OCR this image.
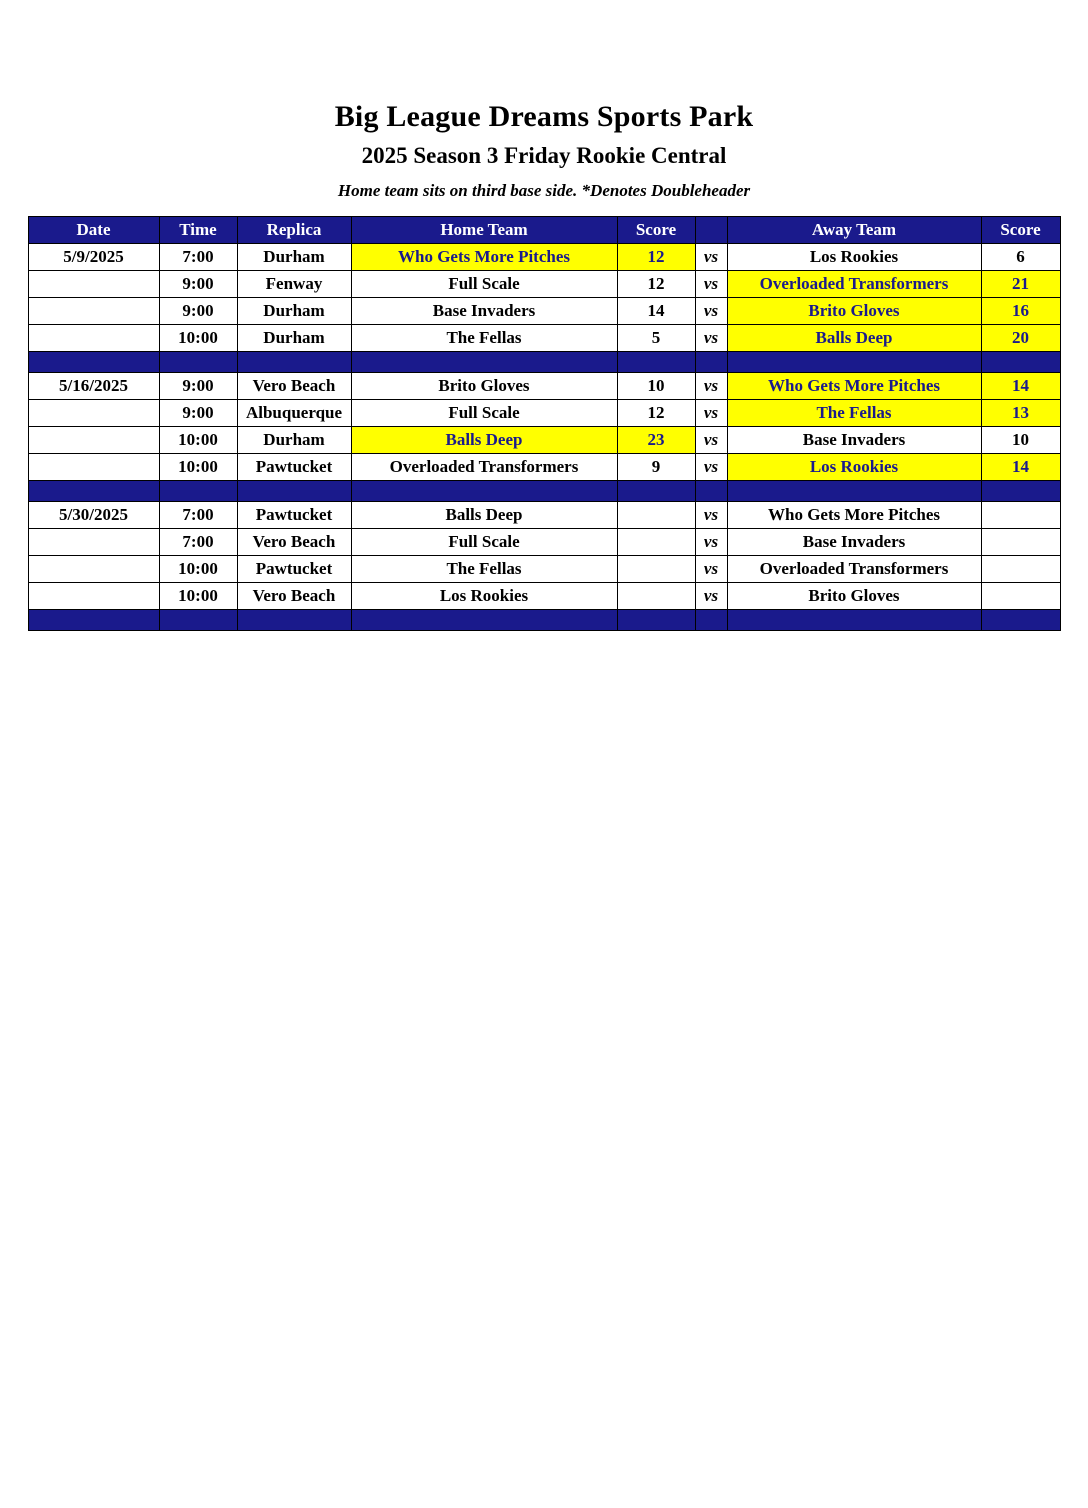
Big League Dreams Sports Park
2025 Season 3 Friday Rookie Central
Home team sits on third base side. *Denotes Doubleheader
Date	Time	Replica	Home Team	Score		Away Team	Score
5/9/2025	7:00	Durham	Who Gets More Pitches	12	vs	Los Rookies	6
	9:00	Fenway	Full Scale	12	vs	Overloaded Transformers	21
	9:00	Durham	Base Invaders	14	vs	Brito Gloves	16
	10:00	Durham	The Fellas	5	vs	Balls Deep	20

5/16/2025	9:00	Vero Beach	Brito Gloves	10	vs	Who Gets More Pitches	14
	9:00	Albuquerque	Full Scale	12	vs	The Fellas	13
	10:00	Durham	Balls Deep	23	vs	Base Invaders	10
	10:00	Pawtucket	Overloaded Transformers	9	vs	Los Rookies	14

5/30/2025	7:00	Pawtucket	Balls Deep		vs	Who Gets More Pitches	
	7:00	Vero Beach	Full Scale		vs	Base Invaders	
	10:00	Pawtucket	The Fellas		vs	Overloaded Transformers	
	10:00	Vero Beach	Los Rookies		vs	Brito Gloves	
